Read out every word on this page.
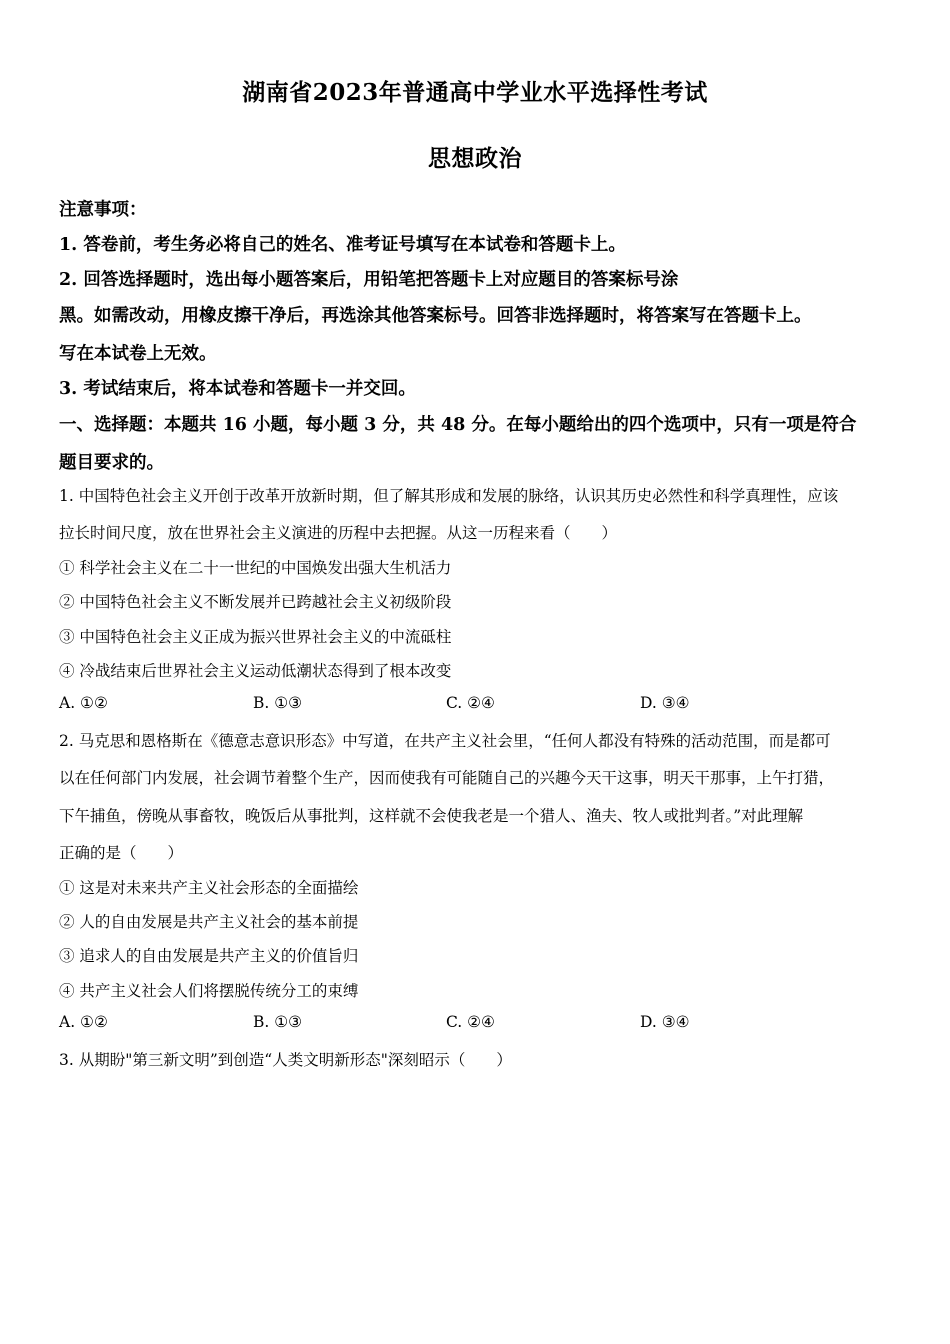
湖南省2023年普通高中学业水平选择性考试
思想政治
注意事项：
1. 答卷前，考生务必将自己的姓名、准考证号填写在本试卷和答题卡上。
2. 回答选择题时，选出每小题答案后，用铅笔把答题卡上对应题目的答案标号涂
黑。如需改动，用橡皮擦干净后，再选涂其他答案标号。回答非选择题时，将答案写在答题卡上。
写在本试卷上无效。
3. 考试结束后，将本试卷和答题卡一并交回。
一、选择题：本题共 16 小题，每小题 3 分，共 48 分。在每小题给出的四个选项中，只有一项是符合
题目要求的。
1. 中国特色社会主义开创于改革开放新时期，但了解其形成和发展的脉络，认识其历史必然性和科学真理性，应该
拉长时间尺度，放在世界社会主义演进的历程中去把握。从这一历程来看（　　）
① 科学社会主义在二十一世纪的中国焕发出强大生机活力
② 中国特色社会主义不断发展并已跨越社会主义初级阶段
③ 中国特色社会主义正成为振兴世界社会主义的中流砥柱
④ 冷战结束后世界社会主义运动低潮状态得到了根本改变
A. ①②	B. ①③	C. ②④	D. ③④
2. 马克思和恩格斯在《德意志意识形态》中写道，在共产主义社会里，“任何人都没有特殊的活动范围，而是都可
以在任何部门内发展，社会调节着整个生产，因而使我有可能随自己的兴趣今天干这事，明天干那事，上午打猎，
下午捕鱼，傍晚从事畜牧，晚饭后从事批判，这样就不会使我老是一个猎人、渔夫、牧人或批判者。”对此理解
正确的是（　　）
① 这是对未来共产主义社会形态的全面描绘
② 人的自由发展是共产主义社会的基本前提
③ 追求人的自由发展是共产主义的价值旨归
④ 共产主义社会人们将摆脱传统分工的束缚
A. ①②	B. ①③	C. ②④	D. ③④
3. 从期盼"第三新文明”到创造“人类文明新形态"深刻昭示（　　）
